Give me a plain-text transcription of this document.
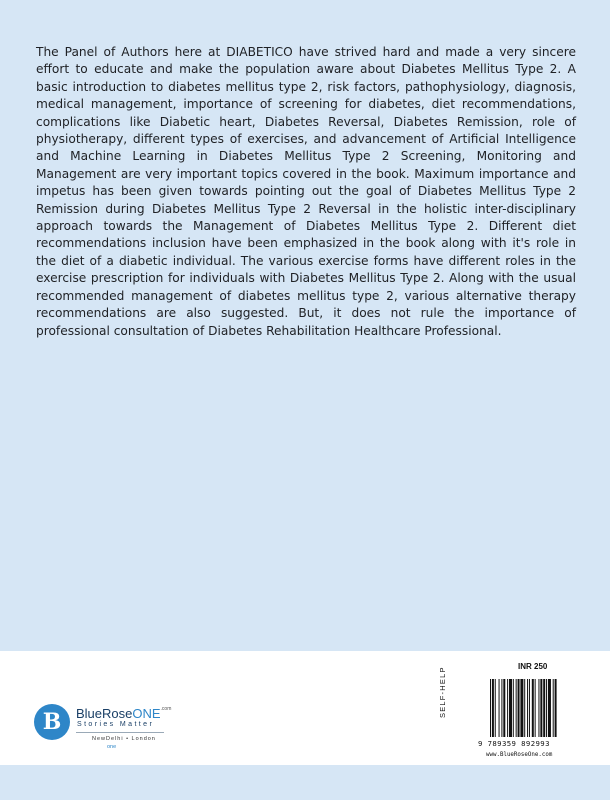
The Panel of Authors here at DIABETICO have strived hard and made a very sincere effort to educate and make the population aware about Diabetes Mellitus Type 2. A basic introduction to diabetes mellitus type 2, risk factors, pathophysiology, diagnosis, medical management, importance of screening for diabetes, diet recommendations, complications like Diabetic heart, Diabetes Reversal, Diabetes Remission, role of physiotherapy, different types of exercises, and advancement of Artificial Intelligence and Machine Learning in Diabetes Mellitus Type 2 Screening, Monitoring and Management are very important topics covered in the book. Maximum importance and impetus has been given towards pointing out the goal of Diabetes Mellitus Type 2 Remission during Diabetes Mellitus Type 2 Reversal in the holistic inter-disciplinary approach towards the Management of Diabetes Mellitus Type 2. Different diet recommendations inclusion have been emphasized in the book along with it's role in the diet of a diabetic individual. The various exercise forms have different roles in the exercise prescription for individuals with Diabetes Mellitus Type 2. Along with the usual recommended management of diabetes mellitus type 2, various alternative therapy recommendations are also suggested. But, it does not rule the importance of professional consultation of Diabetes Rehabilitation Healthcare Professional.

B	BlueRoseONE$^{.com}$
Stories Matter
NewDelhi • London
one
SELF-HELP	INR 250
9 789359 892993
www.BlueRoseOne.com
